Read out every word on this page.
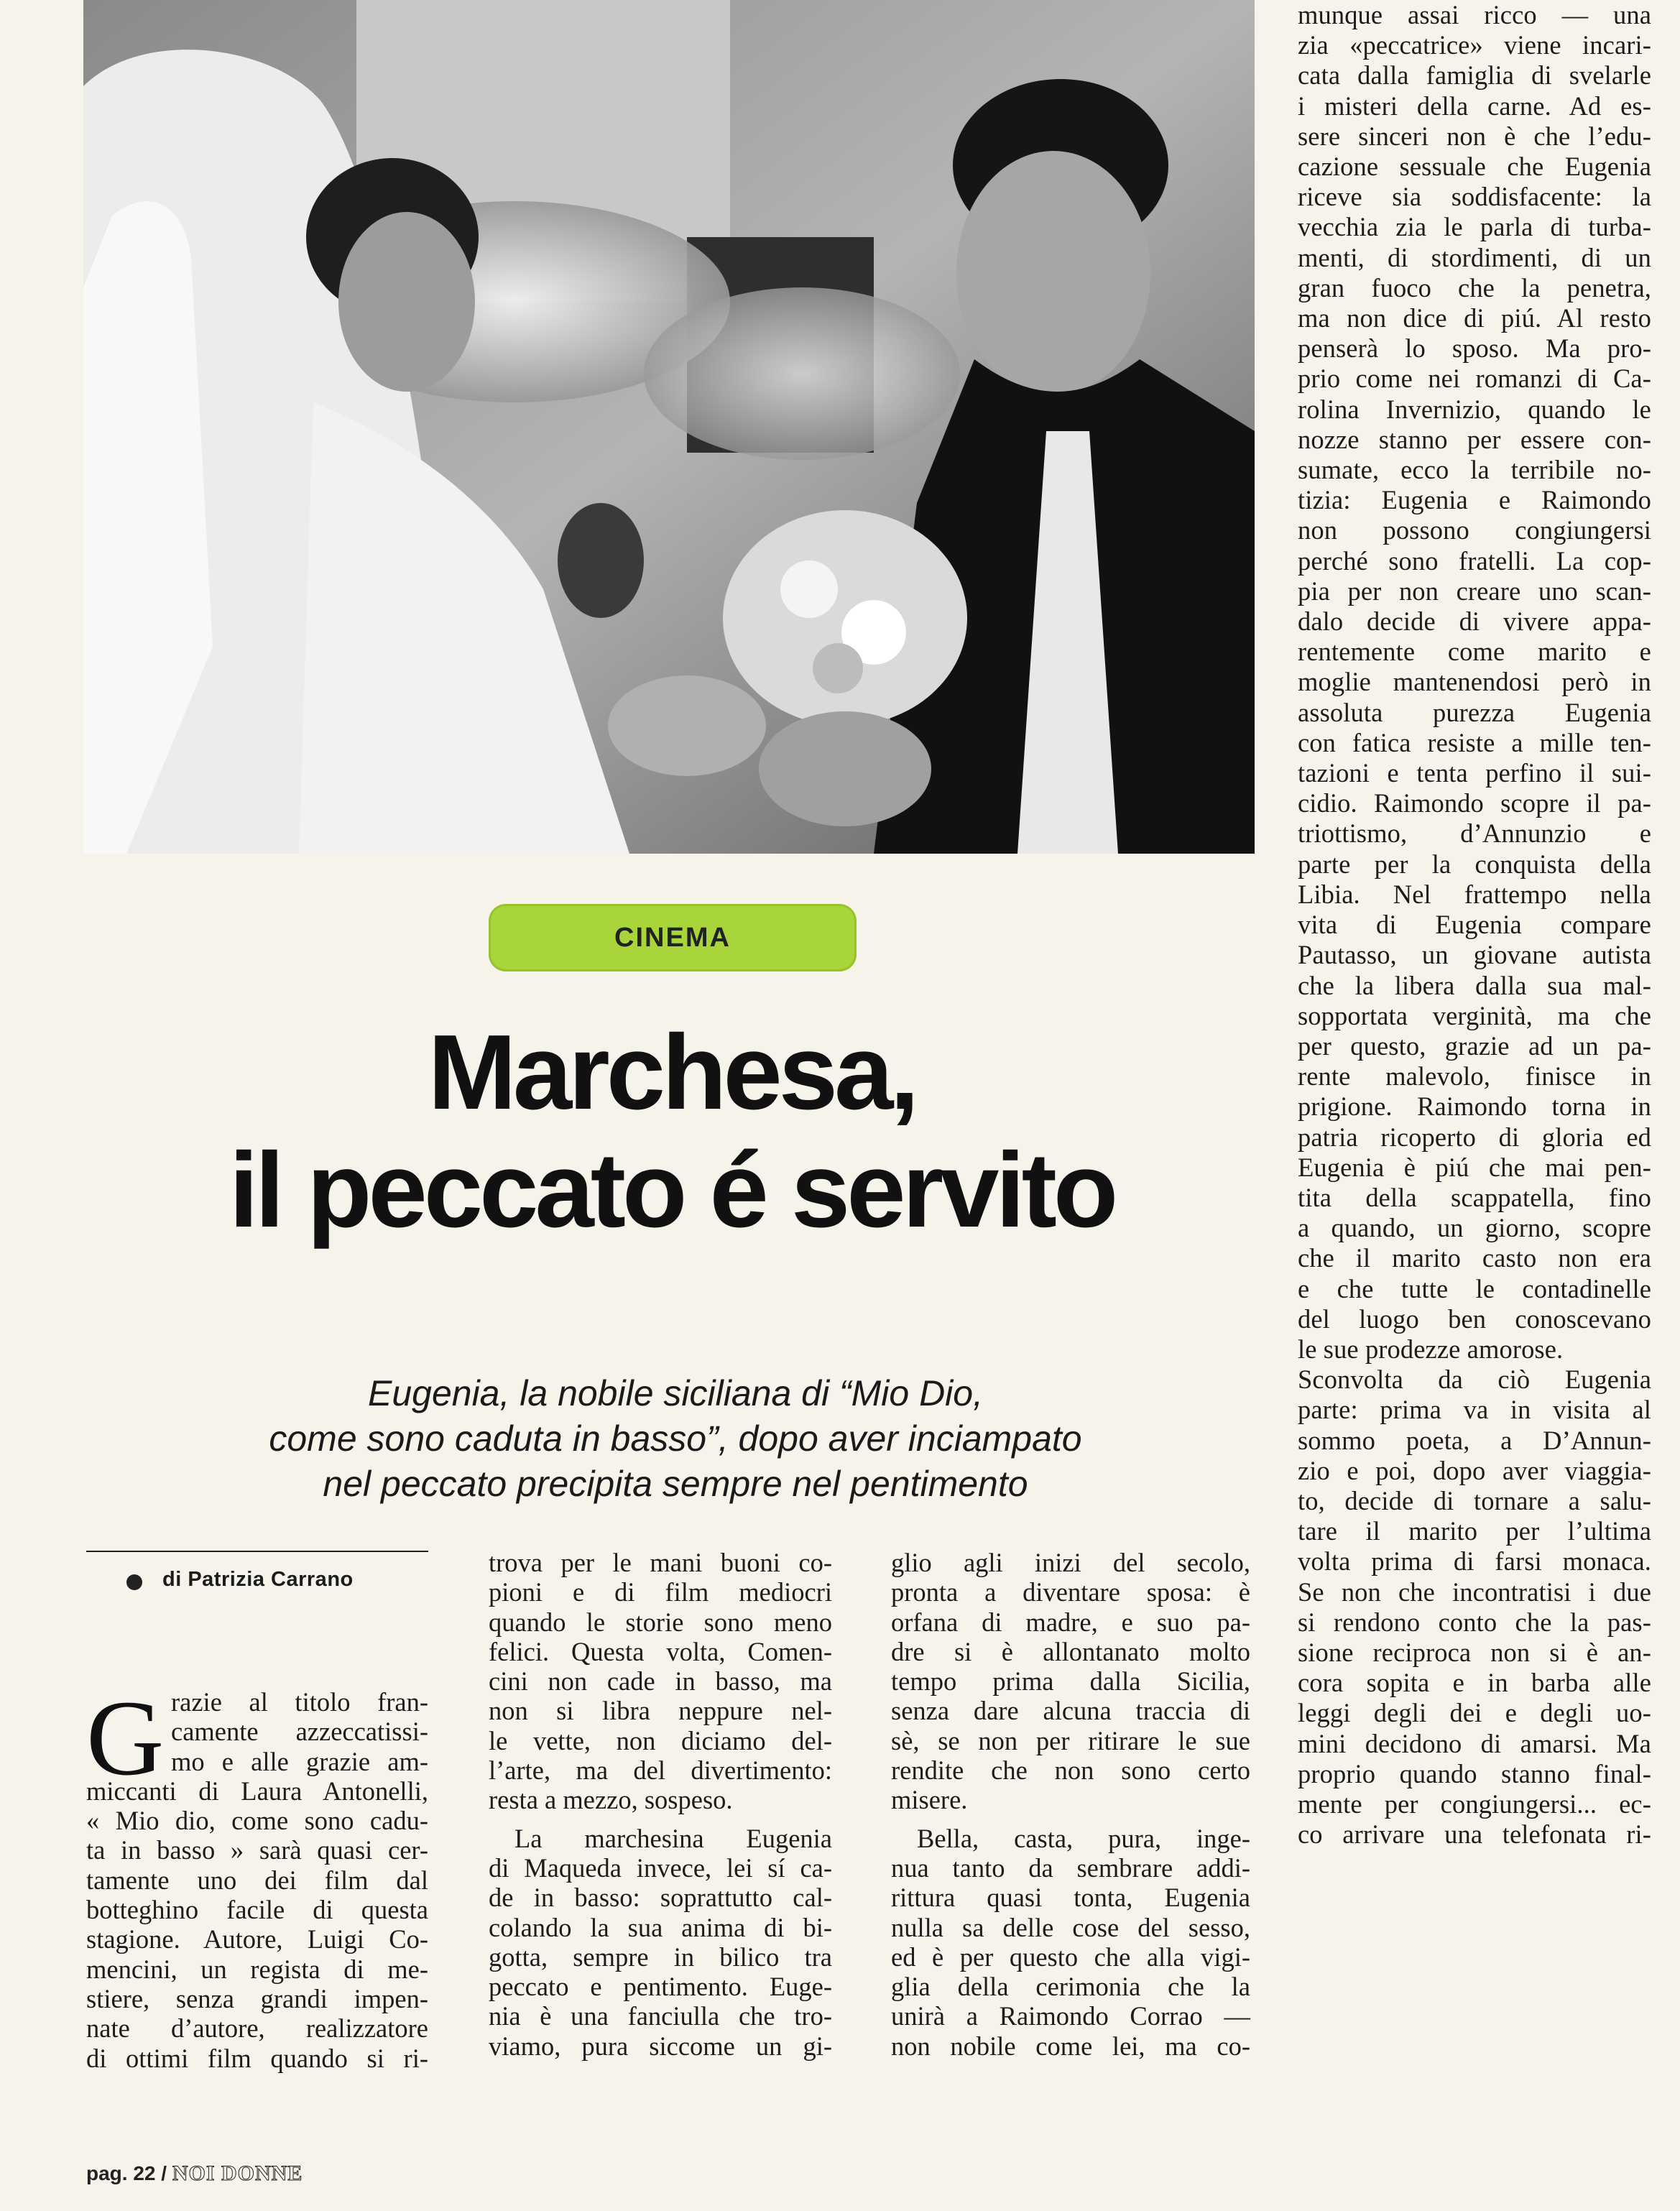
munque assai ricco — una
zia «peccatrice» viene incari-
cata dalla famiglia di svelarle
i misteri della carne. Ad es-
sere sinceri non è che l’edu-
cazione sessuale che Eugenia
riceve sia soddisfacente: la
vecchia zia le parla di turba-
menti, di stordimenti, di un
gran fuoco che la penetra,
ma non dice di piú. Al resto
penserà lo sposo. Ma pro-
prio come nei romanzi di Ca-
rolina Invernizio, quando le
nozze stanno per essere con-
sumate, ecco la terribile no-
tizia: Eugenia e Raimondo
non possono congiungersi
perché sono fratelli. La cop-
pia per non creare uno scan-
dalo decide di vivere appa-
rentemente come marito e
moglie mantenendosi però in
assoluta purezza Eugenia
con fatica resiste a mille ten-
tazioni e tenta perfino il sui-
cidio. Raimondo scopre il pa-
triottismo, d’Annunzio e
parte per la conquista della
Libia. Nel frattempo nella
vita di Eugenia compare
Pautasso, un giovane autista
che la libera dalla sua mal-
sopportata verginità, ma che
per questo, grazie ad un pa-
rente malevolo, finisce in
prigione. Raimondo torna in
patria ricoperto di gloria ed
Eugenia è piú che mai pen-
tita della scappatella, fino
a quando, un giorno, scopre
che il marito casto non era
e che tutte le contadinelle
del luogo ben conoscevano
le sue prodezze amorose.
Sconvolta da ciò Eugenia
parte: prima va in visita al
sommo poeta, a D’Annun-
zio e poi, dopo aver viaggia-
to, decide di tornare a salu-
tare il marito per l’ultima
volta prima di farsi monaca.
Se non che incontratisi i due
si rendono conto che la pas-
sione reciproca non si è an-
cora sopita e in barba alle
leggi degli dei e degli uo-
mini decidono di amarsi. Ma
proprio quando stanno final-
mente per congiungersi... ec-
co arrivare una telefonata ri-
CINEMA
Marchesa,
il peccato é servito
Eugenia, la nobile siciliana di “Mio Dio,
come sono caduta in basso”, dopo aver inciampato
nel peccato precipita sempre nel pentimento
di Patrizia Carrano
G razie al titolo fran-
camente azzeccatissi-
mo e alle grazie am-
miccanti di Laura Antonelli,
« Mio dio, come sono cadu-
ta in basso » sarà quasi cer-
tamente uno dei film dal
botteghino facile di questa
stagione. Autore, Luigi Co-
mencini, un regista di me-
stiere, senza grandi impen-
nate d’autore, realizzatore
di ottimi film quando si ri-
trova per le mani buoni co-
pioni e di film mediocri
quando le storie sono meno
felici. Questa volta, Comen-
cini non cade in basso, ma
non si libra neppure nel-
le vette, non diciamo del-
l’arte, ma del divertimento:
resta a mezzo, sospeso.
La marchesina Eugenia
di Maqueda invece, lei sí ca-
de in basso: soprattutto cal-
colando la sua anima di bi-
gotta, sempre in bilico tra
peccato e pentimento. Euge-
nia è una fanciulla che tro-
viamo, pura siccome un gi-
glio agli inizi del secolo,
pronta a diventare sposa: è
orfana di madre, e suo pa-
dre si è allontanato molto
tempo prima dalla Sicilia,
senza dare alcuna traccia di
sè, se non per ritirare le sue
rendite che non sono certo
misere.
Bella, casta, pura, inge-
nua tanto da sembrare addi-
rittura quasi tonta, Eugenia
nulla sa delle cose del sesso,
ed è per questo che alla vigi-
glia della cerimonia che la
unirà a Raimondo Corrao —
non nobile come lei, ma co-
pag. 22 / NOI DONNE
